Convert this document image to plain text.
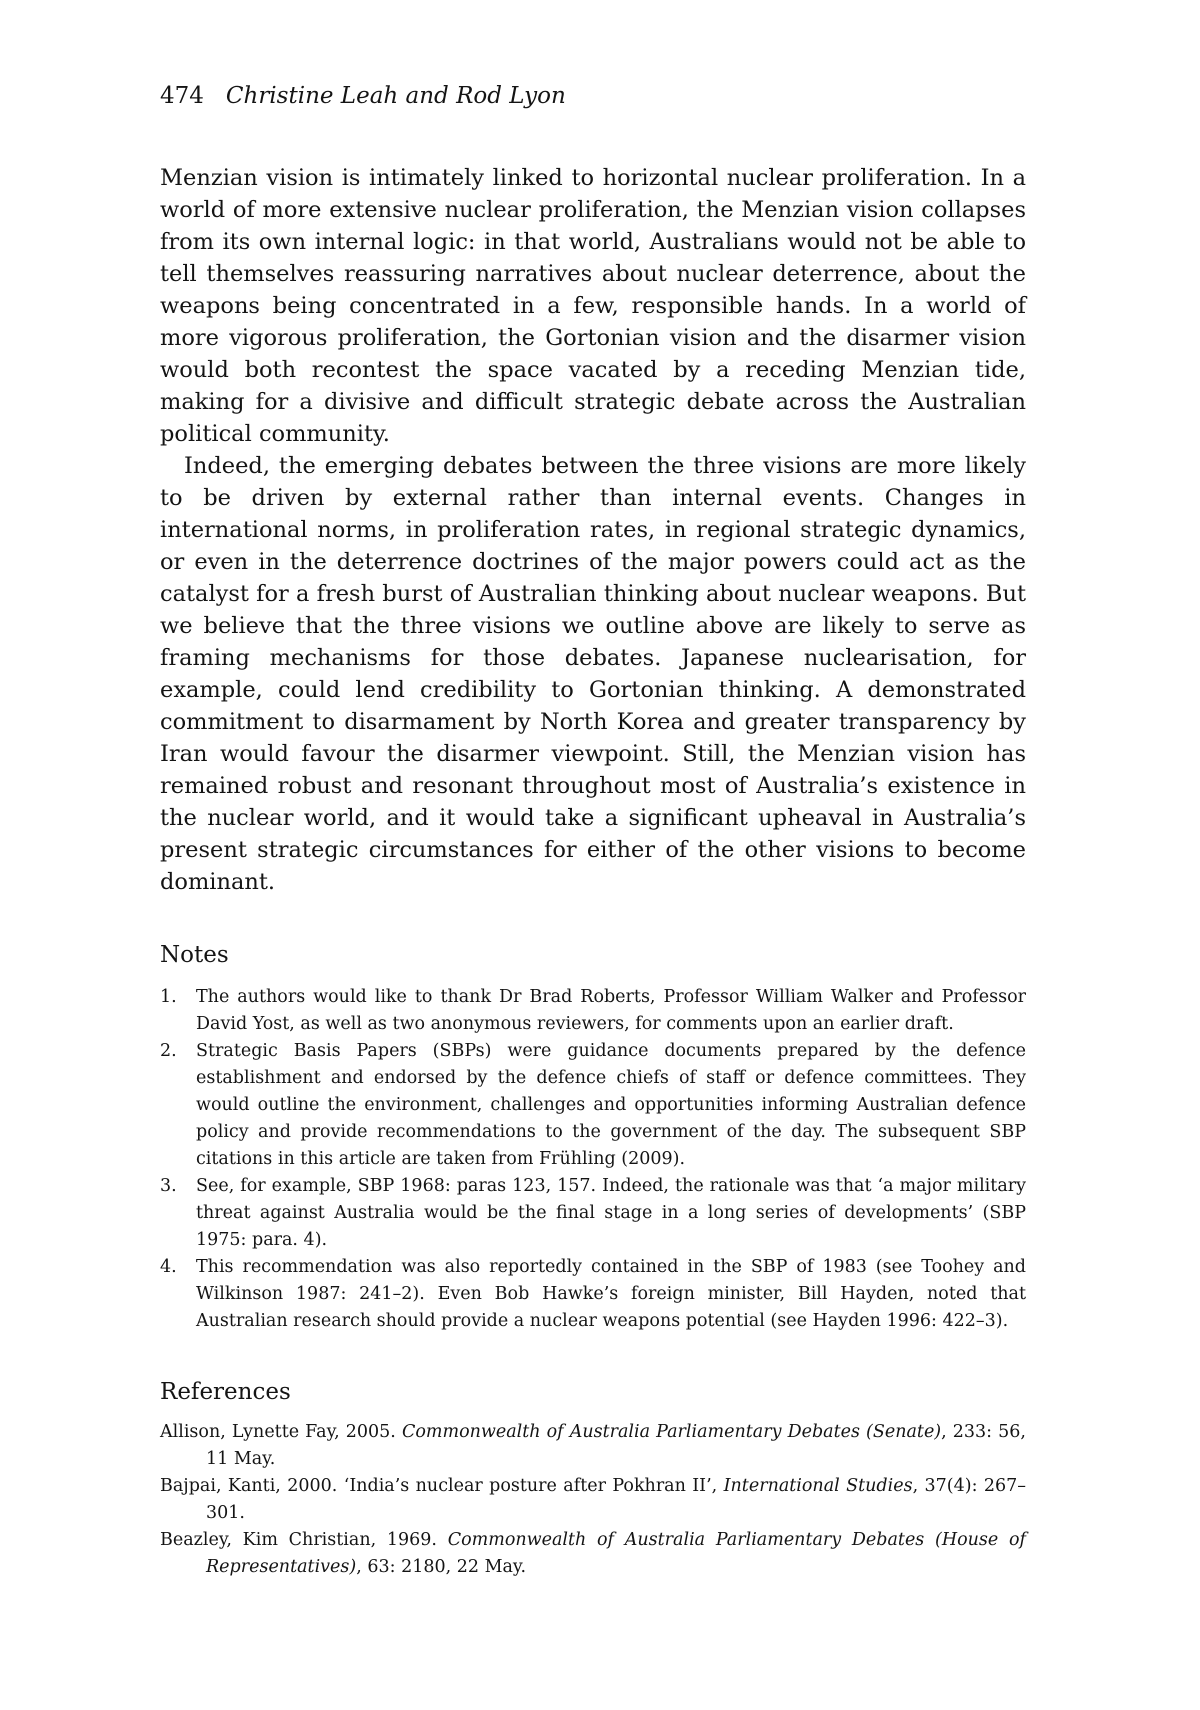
474 Christine Leah and Rod Lyon

Menzian vision is intimately linked to horizontal nuclear proliferation. In a world of more extensive nuclear proliferation, the Menzian vision collapses from its own internal logic: in that world, Australians would not be able to tell themselves reassuring narratives about nuclear deterrence, about the weapons being concentrated in a few, responsible hands. In a world of more vigorous proliferation, the Gortonian vision and the disarmer vision would both recontest the space vacated by a receding Menzian tide, making for a divisive and difficult strategic debate across the Australian political community.

Indeed, the emerging debates between the three visions are more likely to be driven by external rather than internal events. Changes in international norms, in proliferation rates, in regional strategic dynamics, or even in the deterrence doctrines of the major powers could act as the catalyst for a fresh burst of Australian thinking about nuclear weapons. But we believe that the three visions we outline above are likely to serve as framing mechanisms for those debates. Japanese nuclearisation, for example, could lend credibility to Gortonian thinking. A demonstrated commitment to disarmament by North Korea and greater transparency by Iran would favour the disarmer viewpoint. Still, the Menzian vision has remained robust and resonant throughout most of Australia’s existence in the nuclear world, and it would take a significant upheaval in Australia’s present strategic circumstances for either of the other visions to become dominant.

Notes
1. The authors would like to thank Dr Brad Roberts, Professor William Walker and Professor David Yost, as well as two anonymous reviewers, for comments upon an earlier draft.
2. Strategic Basis Papers (SBPs) were guidance documents prepared by the defence establishment and endorsed by the defence chiefs of staff or defence committees. They would outline the environment, challenges and opportunities informing Australian defence policy and provide recommendations to the government of the day. The subsequent SBP citations in this article are taken from Frühling (2009).
3. See, for example, SBP 1968: paras 123, 157. Indeed, the rationale was that ‘a major military threat against Australia would be the final stage in a long series of developments’ (SBP 1975: para. 4).
4. This recommendation was also reportedly contained in the SBP of 1983 (see Toohey and Wilkinson 1987: 241–2). Even Bob Hawke’s foreign minister, Bill Hayden, noted that Australian research should provide a nuclear weapons potential (see Hayden 1996: 422–3).
References
Allison, Lynette Fay, 2005. Commonwealth of Australia Parliamentary Debates (Senate), 233: 56, 11 May.
Bajpai, Kanti, 2000. ‘India’s nuclear posture after Pokhran II’, International Studies, 37(4): 267–301.
Beazley, Kim Christian, 1969. Commonwealth of Australia Parliamentary Debates (House of Representatives), 63: 2180, 22 May.
